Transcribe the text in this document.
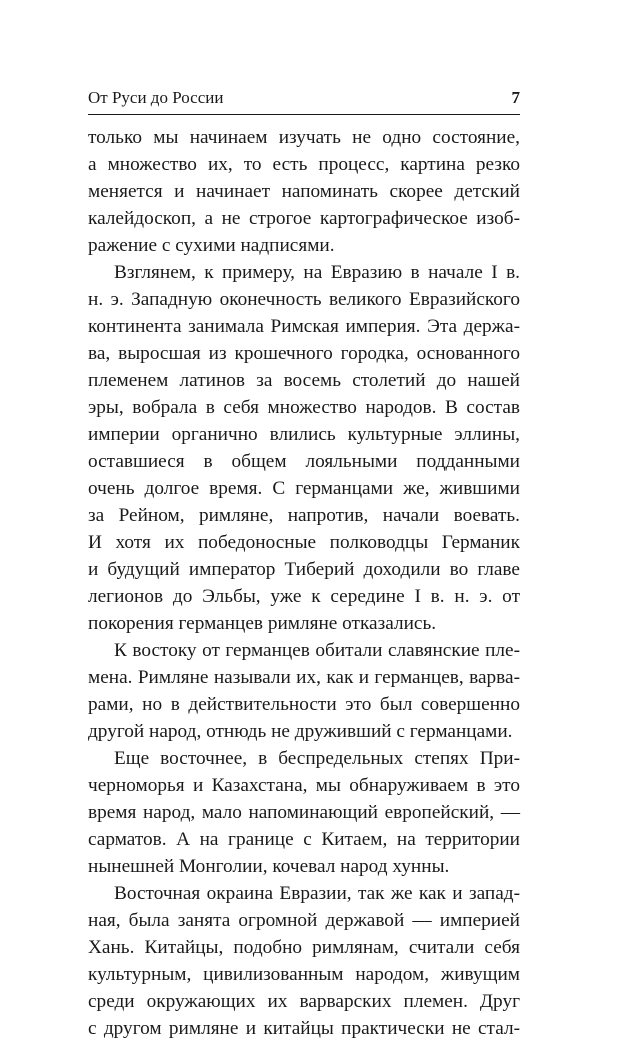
От Руси до России	7
только мы начинаем изучать не одно состояние,
а множество их, то есть процесс, картина резко
меняется и начинает напоминать скорее детский
калейдоскоп, а не строгое картографическое изоб-
ражение с сухими надписями.
Взглянем, к примеру, на Евразию в начале I в.
н. э. Западную оконечность великого Евразийского
континента занимала Римская империя. Эта держа-
ва, выросшая из крошечного городка, основанного
племенем латинов за восемь столетий до нашей
эры, вобрала в себя множество народов. В состав
империи органично влились культурные эллины,
оставшиеся в общем лояльными подданными
очень долгое время. С германцами же, жившими
за Рейном, римляне, напротив, начали воевать.
И хотя их победоносные полководцы Германик
и будущий император Тиберий доходили во главе
легионов до Эльбы, уже к середине I в. н. э. от
покорения германцев римляне отказались.
К востоку от германцев обитали славянские пле-
мена. Римляне называли их, как и германцев, варва-
рами, но в действительности это был совершенно
другой народ, отнюдь не друживший с германцами.
Еще восточнее, в беспредельных степях При-
черноморья и Казахстана, мы обнаруживаем в это
время народ, мало напоминающий европейский, —
сарматов. А на границе с Китаем, на территории
нынешней Монголии, кочевал народ хунны.
Восточная окраина Евразии, так же как и запад-
ная, была занята огромной державой — империей
Хань. Китайцы, подобно римлянам, считали себя
культурным, цивилизованным народом, живущим
среди окружающих их варварских племен. Друг
с другом римляне и китайцы практически не стал-
